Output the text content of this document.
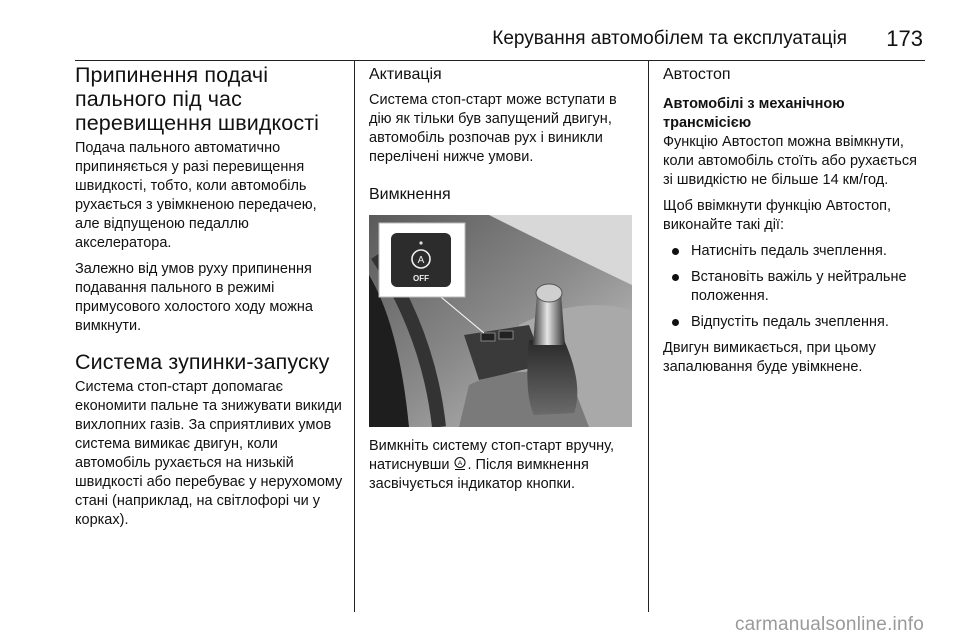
Керування автомобілем та експлуатація 173
Припинення подачі пального під час перевищення швидкості

Подача пального автоматично припиняється у разі перевищення швидкості, тобто, коли автомобіль рухається з увімкненою передачею, але відпущеною педаллю акселератора.

Залежно від умов руху припинення подавання пального в режимі примусового холостого ходу можна вимкнути.

Система зупинки-запуску

Система стоп-старт допомагає економити пальне та знижувати викиди вихлопних газів. За сприятливих умов система вимикає двигун, коли автомобіль рухається на низькій швидкості або перебуває у нерухомому стані (наприклад, на світлофорі чи у корках).

Активація

Система стоп-старт може вступати в дію як тільки був запущений двигун, автомобіль розпочав рух і виникли перелічені нижче умови.

Вимкнення
A
OFF

Вимкніть систему стоп-старт вручну, натиснувши A . Після вимкнення засвічується індикатор кнопки.

Автостоп
Автомобілі з механічною трансмісією

Функцію Автостоп можна ввімкнути, коли автомобіль стоїть або рухається зі швидкістю не більше 14 км/год.

Щоб ввімкнути функцію Автостоп, виконайте такі дії:

Натисніть педаль зчеплення.
Встановіть важіль у нейтральне положення.
Відпустіть педаль зчеплення.

Двигун вимикається, при цьому запалювання буде увімкнене.

carmanualsonline.info
